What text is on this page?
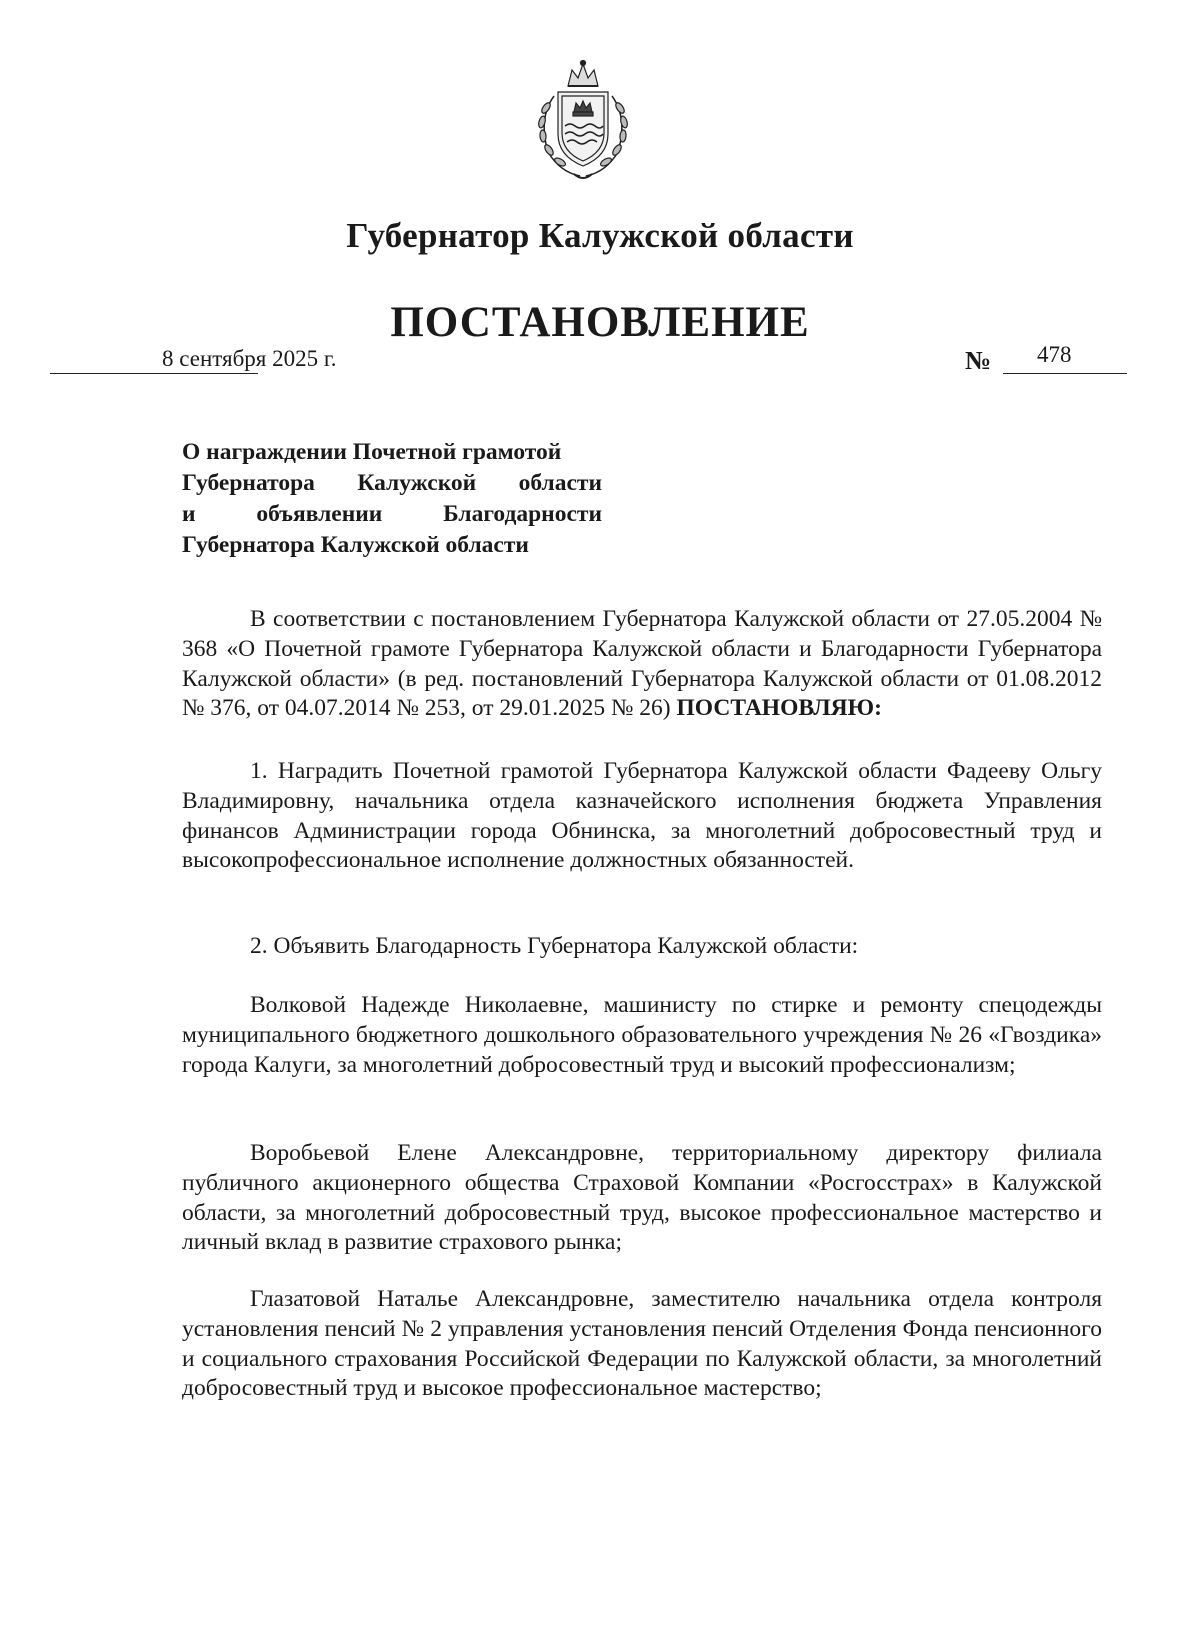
Губернатор Калужской области
ПОСТАНОВЛЕНИЕ
8 сентября 2025 г.	№ 478

О награждении Почетной грамотой
Губернатора Калужской области
и объявлении Благодарности
Губернатора Калужской области

В соответствии с постановлением Губернатора Калужской области от 27.05.2004 № 368 «О Почетной грамоте Губернатора Калужской области и Благодарности Губернатора Калужской области» (в ред. постановлений Губернатора Калужской области от 01.08.2012 № 376, от 04.07.2014 № 253, от 29.01.2025 № 26) ПОСТАНОВЛЯЮ:

1. Наградить Почетной грамотой Губернатора Калужской области Фадееву Ольгу Владимировну, начальника отдела казначейского исполнения бюджета Управления финансов Администрации города Обнинска, за многолетний добросовестный труд и высокопрофессиональное исполнение должностных обязанностей.

2. Объявить Благодарность Губернатора Калужской области:

Волковой Надежде Николаевне, машинисту по стирке и ремонту спецодежды муниципального бюджетного дошкольного образовательного учреждения № 26 «Гвоздика» города Калуги, за многолетний добросовестный труд и высокий профессионализм;

Воробьевой Елене Александровне, территориальному директору филиала публичного акционерного общества Страховой Компании «Росгосстрах» в Калужской области, за многолетний добросовестный труд, высокое профессиональное мастерство и личный вклад в развитие страхового рынка;

Глазатовой Наталье Александровне, заместителю начальника отдела контроля установления пенсий № 2 управления установления пенсий Отделения Фонда пенсионного и социального страхования Российской Федерации по Калужской области, за многолетний добросовестный труд и высокое профессиональное мастерство;
